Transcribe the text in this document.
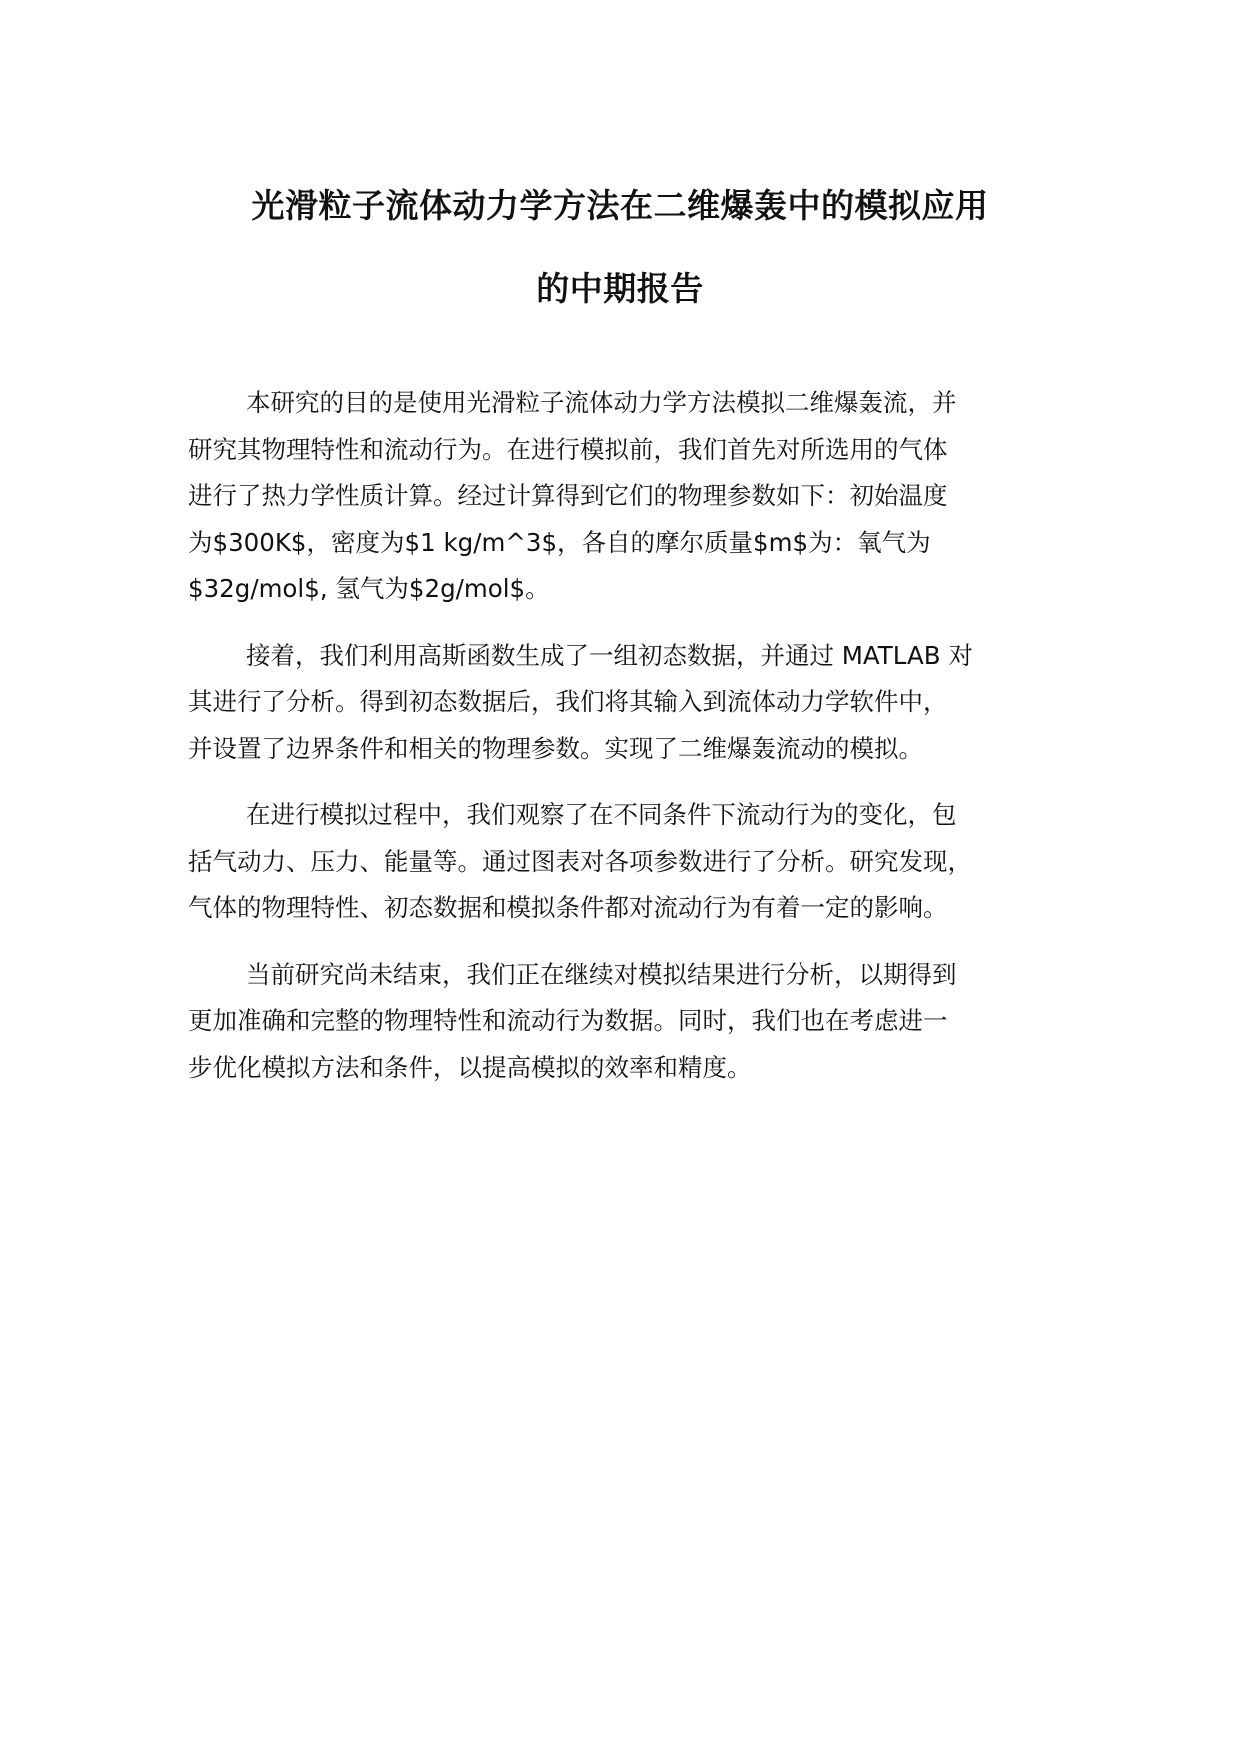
光滑粒子流体动力学方法在二维爆轰中的模拟应用
的中期报告

本研究的目的是使用光滑粒子流体动力学方法模拟二维爆轰流，并
研究其物理特性和流动行为。在进行模拟前，我们首先对所选用的气体
进行了热力学性质计算。经过计算得到它们的物理参数如下：初始温度
为$300K$，密度为$1 kg/m^3$，各自的摩尔质量$m$为：氧气为
$32g/mol$, 氢气为$2g/mol$。

接着，我们利用高斯函数生成了一组初态数据，并通过 MATLAB 对
其进行了分析。得到初态数据后，我们将其输入到流体动力学软件中，
并设置了边界条件和相关的物理参数。实现了二维爆轰流动的模拟。

在进行模拟过程中，我们观察了在不同条件下流动行为的变化，包
括气动力、压力、能量等。通过图表对各项参数进行了分析。研究发现，
气体的物理特性、初态数据和模拟条件都对流动行为有着一定的影响。

当前研究尚未结束，我们正在继续对模拟结果进行分析，以期得到
更加准确和完整的物理特性和流动行为数据。同时，我们也在考虑进一
步优化模拟方法和条件，以提高模拟的效率和精度。
